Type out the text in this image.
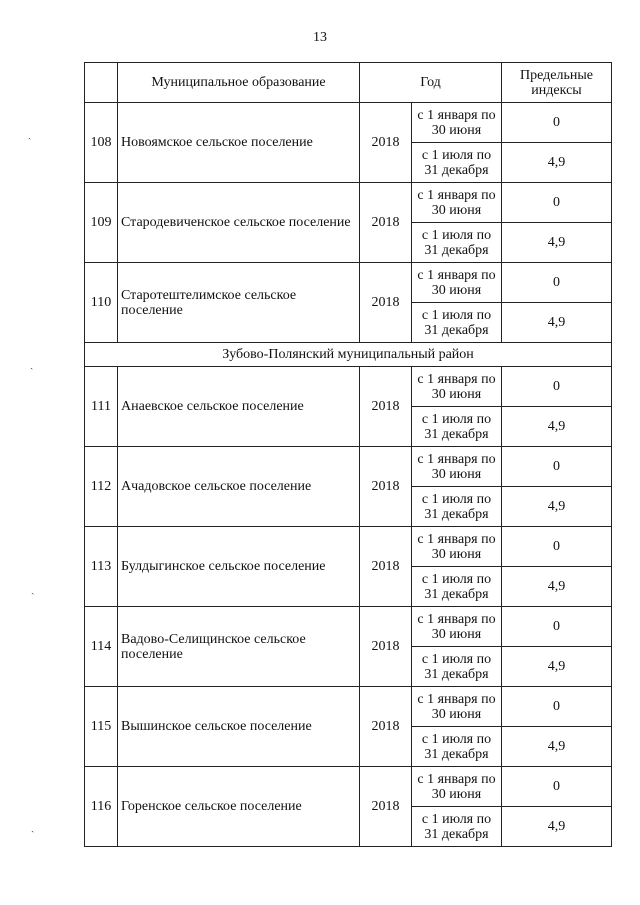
13
	Муниципальное образование	Год		Предельные индексы
108	Новоямское сельское поселение	2018	с 1 января по 30 июня	0
			с 1 июля по 31 декабря	4,9
109	Стародевиченское сельское поселение	2018	с 1 января по 30 июня	0
			с 1 июля по 31 декабря	4,9
110	Старотештелимское сельское поселение	2018	с 1 января по 30 июня	0
			с 1 июля по 31 декабря	4,9
Зубово-Полянский муниципальный район				
111	Анаевское сельское поселение	2018	с 1 января по 30 июня	0
			с 1 июля по 31 декабря	4,9
112	Ачадовское сельское поселение	2018	с 1 января по 30 июня	0
			с 1 июля по 31 декабря	4,9
113	Булдыгинское сельское поселение	2018	с 1 января по 30 июня	0
			с 1 июля по 31 декабря	4,9
114	Вадово-Селищинское сельское поселение	2018	с 1 января по 30 июня	0
			с 1 июля по 31 декабря	4,9
115	Вышинское сельское поселение	2018	с 1 января по 30 июня	0
			с 1 июля по 31 декабря	4,9
116	Горенское сельское поселение	2018	с 1 января по 30 июня	0
			с 1 июля по 31 декабря	4,9
ˎ
ˎ
ˎ
ˎ
